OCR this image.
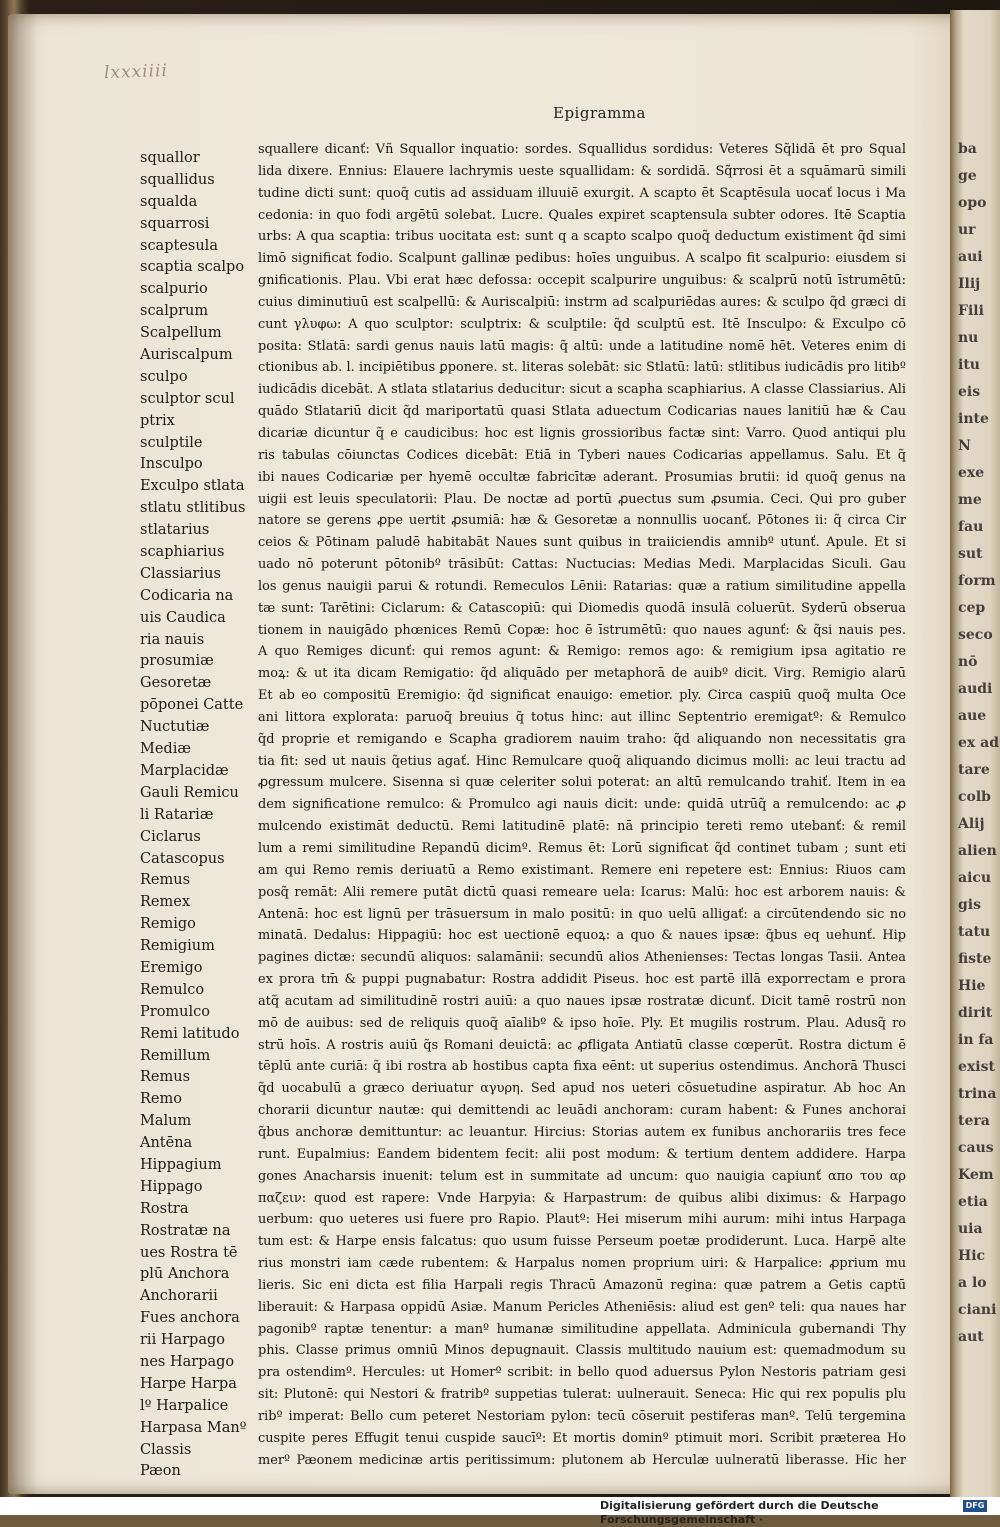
ba
ge
opo
ur
aui
Ilij
Fili
nu
itu
eis
inte
N
exe
me
fau
sut
form
cep
seco
nō
audi
aue
ex ad
tare
colb
Alij
alien
aicu
gis
tatu
fiste
Hie
dirit
in fa
exist
trina
tera
caus
Kem
etia
uia
Hic
a lo
ciani
aut
lxxxiiii
Epigramma
squallor
squallidus
squalda
squarrosi
scaptesula
scaptia scalpo
scalpurio
scalprum
Scalpellum
Auriscalpum
sculpo
sculptor scul
ptrix
sculptile
Insculpo
Exculpo stlata
stlatu stlitibus
stlatarius
scaphiarius
Classiarius
Codicaria na
uis Caudica
ria nauis
prosumiæ
Gesoretæ
pōponei Catte
Nuctutiæ
Mediæ
Marplacidæ
Gauli Remicu
li Ratariæ
Ciclarus
Catascopus
Remus
Remex
Remigo
Remigium
Eremigo
Remulco
Promulco
Remi latitudo
Remillum
Remus
Remo
Malum
Antēna
Hippagium
Hippago
Rostra
Rostratæ na
ues Rostra tē
plū Anchora
Anchorarii
Fues anchora
rii Harpago
nes Harpago
Harpe Harpa
lº Harpalice
Harpasa Manº
Classis
Pæon
squallere dicanť: Vñ Squallor inquatio: sordes. Squallidus sordidus: Veteres Sq̃lidā ēt pro Squal
lida dixere. Ennius: Elauere lachrymis ueste squallidam: & sordidā. Sq̃rrosi ēt a squāmarū simili
tudine dicti sunt: quoq̃ cutis ad assiduam illuuiē exurgit. A scapto ēt Scaptēsula uocať locus i Ma
cedonia: in quo fodi argētū solebat. Lucre. Quales expiret scaptensula subter odores. Itē Scaptia
urbs: A qua scaptia: tribus uocitata est: sunt q a scapto scalpo quoq̃ deductum existiment q̃d simi
limō significat fodio. Scalpunt gallinæ pedibus: hoīes unguibus. A scalpo fit scalpurio: eiusdem si
gnificationis. Plau. Vbi erat hæc defossa: occepit scalpurire unguibus: & scalprū notū īstrumētū:
cuius diminutiuū est scalpellū: & Auriscalpiū: instrm ad scalpuriēdas aures: & sculpo q̃d græci di
cunt γλυφω: A quo sculptor: sculptrix: & sculptile: q̃d sculptū est. Itē Insculpo: & Exculpo cō
posita: Stlatā: sardi genus nauis latū magis: q̃ altū: unde a latitudine nomē hēt. Veteres enim di
ctionibus ab. l. incipiētibus ꝑponere. st. literas solebāt: sic Stlatū: latū: stlitibus iudicādis pro litibº
iudicādis dicebāt. A stlata stlatarius deducitur: sicut a scapha scaphiarius. A classe Classiarius. Ali
quādo Stlatariū dicit q̃d mariportatū quasi Stlata aduectum Codicarias naues lanitiū hæ & Cau
dicariæ dicuntur q̃ e caudicibus: hoc est lignis grossioribus factæ sint: Varro. Quod antiqui plu
ris tabulas cōiunctas Codices dicebāt: Etiā in Tyberi naues Codicarias appellamus. Salu. Et q̃
ibi naues Codicariæ per hyemē occultæ fabricītæ aderant. Prosumias brutii: id quoq̃ genus na
uigii est leuis speculatorii: Plau. De noctæ ad portū ꝓuectus sum ꝓsumia. Ceci. Qui pro guber
natore se gerens ꝓpe uertit ꝓsumiā: hæ & Gesoretæ a nonnullis uocanť. Pōtones ii: q̃ circa Cir
ceios & Pōtinam paludē habitabāt Naues sunt quibus in traiiciendis amnibº utunť. Apule. Et si
uado nō poterunt pōtonibº trāsibūt: Cattas: Nuctucias: Medias Medi. Marplacidas Siculi. Gau
los genus nauigii parui & rotundi. Remeculos Lēnii: Ratarias: quæ a ratium similitudine appella
tæ sunt: Tarētini: Ciclarum: & Catascopiū: qui Diomedis quodā insulā coluerūt. Syderū obserua
tionem in nauigādo phœnices Remū Copæ: hoc ē īstrumētū: quo naues agunť: & q̃si nauis pes.
A quo Remiges dicunť: qui remos agunt: & Remigo: remos ago: & remigium ipsa agitatio re
moꝝ: & ut ita dicam Remigatio: q̃d aliquādo per metaphorā de auibº dicit. Virg. Remigio alarū
Et ab eo compositū Eremigio: q̃d significat enauigo: emetior. ply. Circa caspiū quoq̃ multa Oce
ani littora explorata: paruoq̃ breuius q̃ totus hinc: aut illinc Septentrio eremigatº: & Remulco
q̃d proprie et remigando e Scapha gradiorem nauim traho: q̃d aliquando non necessitatis gra
tia fit: sed ut nauis q̃etius agať. Hinc Remulcare quoq̃ aliquando dicimus molli: ac leui tractu ad
ꝓgressum mulcere. Sisenna si quæ celeriter solui poterat: an altū remulcando trahiť. Item in ea
dem significatione remulco: & Promulco agi nauis dicit: unde: quidā utrūq̃ a remulcendo: ac ꝓ
mulcendo existimāt deductū. Remi latitudinē platē: nā principio tereti remo utebanť: & remil
lum a remi similitudine Repandū dicimº. Remus ēt: Lorū significat q̃d continet tubam ; sunt eti
am qui Remo remis deriuatū a Remo existimant. Remere eni repetere est: Ennius: Riuos cam
posq̃ remāt: Alii remere putāt dictū quasi remeare uela: Icarus: Malū: hoc est arborem nauis: &
Antenā: hoc est lignū per trāsuersum in malo positū: in quo uelū alligať: a circūtendendo sic no
minatā. Dedalus: Hippagiū: hoc est uectionē equoꝝ: a quo & naues ipsæ: q̃bus eq uehunť. Hip
pagines dictæ: secundū aliquos: salamānii: secundū alios Athenienses: Tectas longas Tasii. Antea
ex prora tm̄ & puppi pugnabatur: Rostra addidit Piseus. hoc est partē illā exporrectam e prora
atq̃ acutam ad similitudinē rostri auiū: a quo naues ipsæ rostratæ dicunť. Dicit tamē rostrū non
mō de auibus: sed de reliquis quoq̃ aīalibº & ipso hoīe. Ply. Et mugilis rostrum. Plau. Adusq̃ ro
strū hoīs. A rostris auiū q̃s Romani deuictā: ac ꝓfligata Antiatū classe cœperūt. Rostra dictum ē
tēplū ante curiā: q̃ ibi rostra ab hostibus capta fixa eēnt: ut superius ostendimus. Anchorā Thusci
q̃d uocabulū a græco deriuatur αγυρη. Sed apud nos ueteri cōsuetudine aspiratur. Ab hoc An
chorarii dicuntur nautæ: qui demittendi ac leuādi anchoram: curam habent: & Funes anchorai
q̃bus anchoræ demittuntur: ac leuantur. Hircius: Storias autem ex funibus anchorariis tres fece
runt. Eupalmius: Eandem bidentem fecit: alii post modum: & tertium dentem addidere. Harpa
gones Anacharsis inuenit: telum est in summitate ad uncum: quo nauigia capiunť απο του αρ
παζειν: quod est rapere: Vnde Harpyia: & Harpastrum: de quibus alibi diximus: & Harpago
uerbum: quo ueteres usi fuere pro Rapio. Plautº: Hei miserum mihi aurum: mihi intus Harpaga
tum est: & Harpe ensis falcatus: quo usum fuisse Perseum poetæ prodiderunt. Luca. Harpē alte
rius monstri iam cæde rubentem: & Harpalus nomen proprium uiri: & Harpalice: ꝓprium mu
lieris. Sic eni dicta est filia Harpali regis Thracū Amazonū regina: quæ patrem a Getis captū
liberauit: & Harpasa oppidū Asiæ. Manum Pericles Atheniēsis: aliud est genº teli: qua naues har
pagonibº raptæ tenentur: a manº humanæ similitudine appellata. Adminicula gubernandi Thy
phis. Classe primus omniū Minos depugnauit. Classis multitudo nauium est: quemadmodum su
pra ostendimº. Hercules: ut Homerº scribit: in bello quod aduersus Pylon Nestoris patriam gesi
sit: Plutonē: qui Nestori & fratribº suppetias tulerat: uulnerauit. Seneca: Hic qui rex populis plu
ribº imperat: Bello cum peteret Nestoriam pylon: tecū cōseruit pestiferas manº. Telū tergemina
cuspite peres Effugit tenui cuspide saucīº: Et mortis dominº ptimuit mori. Scribit præterea Ho
merº Pæonem medicinæ artis peritissimum: plutonem ab Herculæ uulneratū liberasse. Hic her
Digitalisierung gefördert durch die Deutsche Forschungsgemeinschaft ·
DFG
